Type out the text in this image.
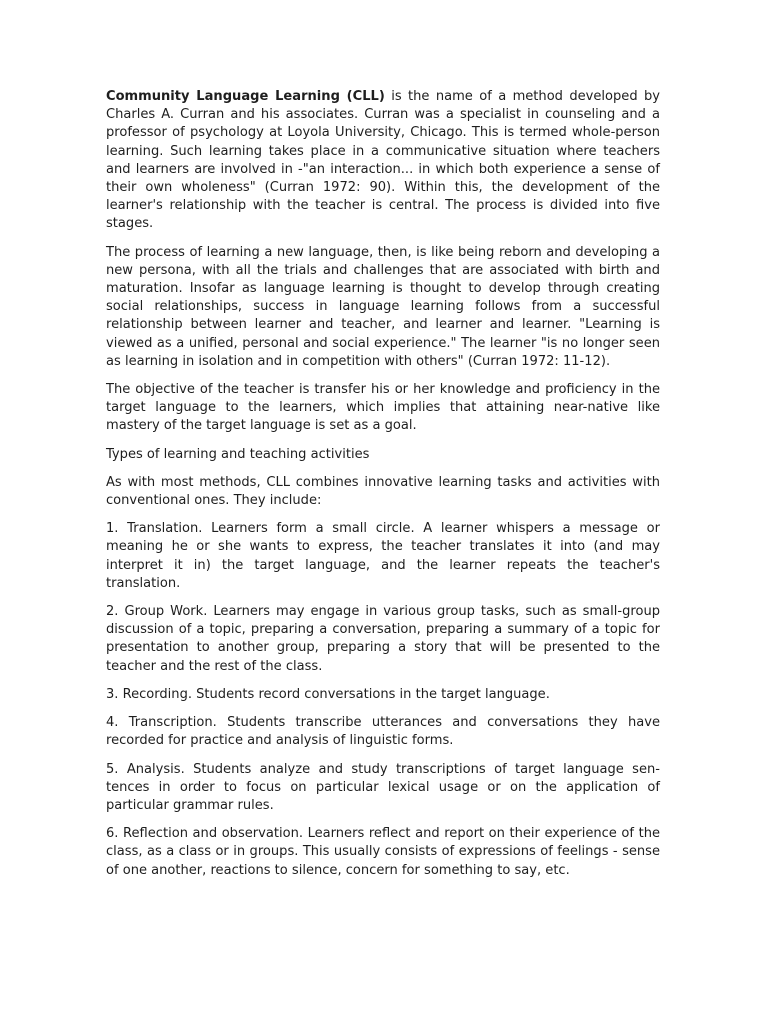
Community Language Learning (CLL) is the name of a method developed by Charles A. Curran and his associates. Curran was a specialist in counseling and a professor of psychology at Loyola University, Chicago. This is termed whole-person learning. Such learning takes place in a communicative situation where teachers and learners are involved in -"an interaction... in which both experience a sense of their own wholeness" (Curran 1972: 90). Within this, the development of the learner's relationship with the teacher is central. The process is divided into five stages.

The process of learning a new language, then, is like being reborn and developing a new persona, with all the trials and challenges that are associated with birth and maturation. Insofar as language learning is thought to develop through creating social relationships, success in language learning follows from a successful relationship between learner and teacher, and learner and learner. "Learning is viewed as a unified, personal and social experience." The learner "is no longer seen as learning in isolation and in competition with others" (Curran 1972: 11-12).

The objective of the teacher is transfer his or her knowledge and proficiency in the target language to the learners, which implies that attaining near-native like mastery of the target language is set as a goal.

Types of learning and teaching activities

As with most methods, CLL combines innovative learning tasks and activities with conventional ones. They include:

1. Translation. Learners form a small circle. A learner whispers a message or meaning he or she wants to express, the teacher translates it into (and may interpret it in) the target language, and the learner repeats the teacher's translation.

2. Group Work. Learners may engage in various group tasks, such as small-group discussion of a topic, preparing a conversation, preparing a summary of a topic for presentation to another group, preparing a story that will be presented to the teacher and the rest of the class.

3. Recording. Students record conversations in the target language.

4. Transcription. Students transcribe utterances and conversations they have recorded for practice and analysis of linguistic forms.

5. Analysis. Students analyze and study transcriptions of target language sen-tences in order to focus on particular lexical usage or on the application of particular grammar rules.

6. Reflection and observation. Learners reflect and report on their experience of the class, as a class or in groups. This usually consists of expressions of feelings - sense of one another, reactions to silence, concern for something to say, etc.
